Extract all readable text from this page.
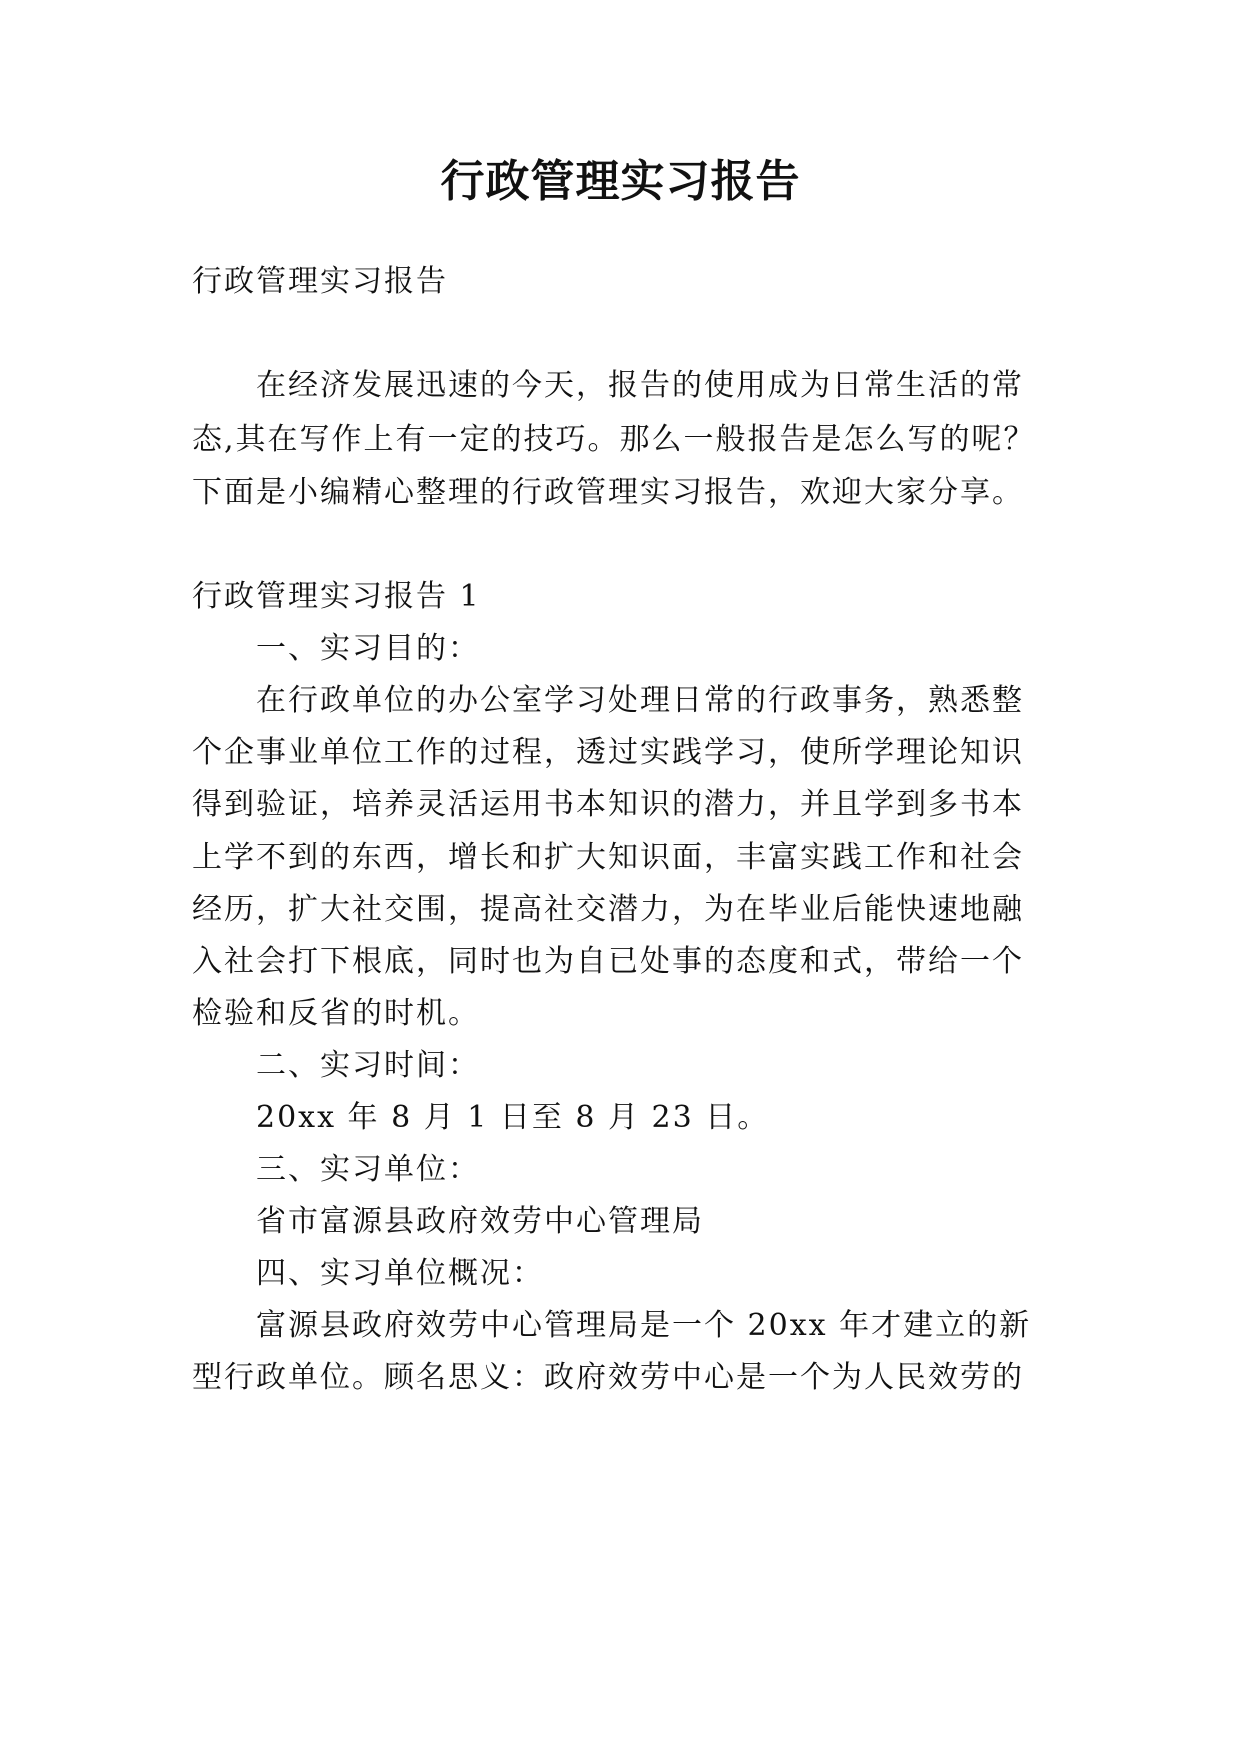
行政管理实习报告
行政管理实习报告
在经济发展迅速的今天，报告的使用成为日常生活的常
态,其在写作上有一定的技巧。那么一般报告是怎么写的呢？
下面是小编精心整理的行政管理实习报告，欢迎大家分享。
行政管理实习报告 1
一、实习目的：
在行政单位的办公室学习处理日常的行政事务，熟悉整
个企事业单位工作的过程，透过实践学习，使所学理论知识
得到验证，培养灵活运用书本知识的潜力，并且学到多书本
上学不到的东西，增长和扩大知识面，丰富实践工作和社会
经历，扩大社交围，提高社交潜力，为在毕业后能快速地融
入社会打下根底，同时也为自已处事的态度和式，带给一个
检验和反省的时机。
二、实习时间：
20xx 年 8 月 1 日至 8 月 23 日。
三、实习单位：
省市富源县政府效劳中心管理局
四、实习单位概况：
富源县政府效劳中心管理局是一个 20xx 年才建立的新
型行政单位。顾名思义：政府效劳中心是一个为人民效劳的
